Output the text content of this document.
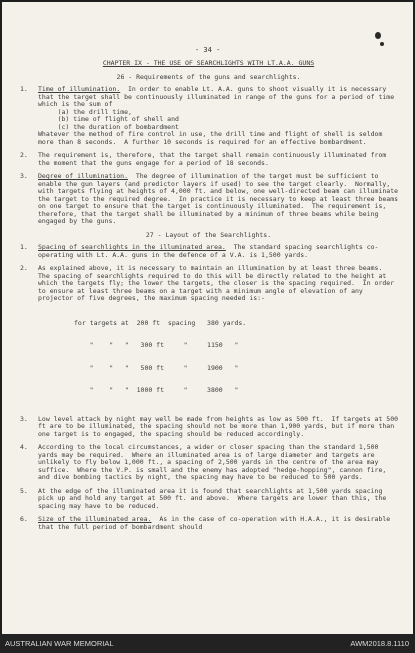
- 34 -
CHAPTER IX - THE USE OF SEARCHLIGHTS WITH LT.A.A. GUNS
26 - Requirements of the guns and searchlights.
1.	Time of illumination.  In order to enable Lt. A.A. guns to shoot visually it is necessary that the target shall be continuously illuminated in range of the guns for a period of time which is the sum of
(a) the drill time,
(b) time of flight of shell and
(c) the duration of bombardment
Whatever the method of fire control in use, the drill time and flight of shell is seldom more than 8 seconds.  A further 10 seconds is required for an effective bombardment.
2.	The requirement is, therefore, that the target shall remain continuously illuminated from the moment that the guns engage for a period of 18 seconds.
3.	Degree of illumination.  The degree of illumination of the target must be sufficient to enable the gun layers (and predictor layers if used) to see the target clearly.  Normally, with targets flying at heights of 4,000 ft. and below, one well-directed beam can illuminate the target to the required degree.  In practice it is necessary to keep at least three beams on one target to ensure that the target is continuously illuminated.  The requirement is, therefore, that the target shall be illuminated by a minimum of three beams while being engaged by the guns.
27 - Layout of the Searchlights.
1.	Spacing of searchlights in the illuminated area.  The standard spacing searchlights co-operating with Lt. A.A. guns in the defence of a V.A. is 1,500 yards.
2.	As explained above, it is necessary to maintain an illumination by at least three beams.  The spacing of searchlights required to do this will be directly related to the height at which the targets fly; the lower the targets, the closer is the spacing required.  In order to ensure at least three beams on a target with a minimum angle of elevation of any projector of five degrees, the maximum spacing needed is:-

for targets at  200 ft  spacing   380 yards.

"    "   "   300 ft     "     1150   "

"    "   "   500 ft     "     1900   "

"    "   "  1000 ft     "     3800   "

3.	Low level attack by night may well be made from heights as low as 500 ft.  If targets at 500 ft are to be illuminated, the spacing should not be more than 1,900 yards, but if more than one target is to engaged, the spacing should be reduced accordingly.
4.	According to the local circumstances, a wider or closer spacing than the standard 1,500 yards may be required.  Where an illuminated area is of large diameter and targets are unlikely to fly below 1,000 ft., a spacing of 2,500 yards in the centre of the area may suffice.  Where the V.P. is small and the enemy has adopted "hedge-hopping", cannon fire, and dive bombing tactics by night, the spacing may have to be reduced to 500 yards.
5.	At the edge of the illuminated area it is found that searchlights at 1,500 yards spacing pick up and hold any target at 500 ft. and above.  Where targets are lower than this, the spacing may have to be reduced.
6.	Size of the illuminated area.  As in the case of co-operation with H.A.A., it is desirable that the full period of bombardment should
AUSTRALIAN WAR MEMORIAL	AWM2018.8.1110
